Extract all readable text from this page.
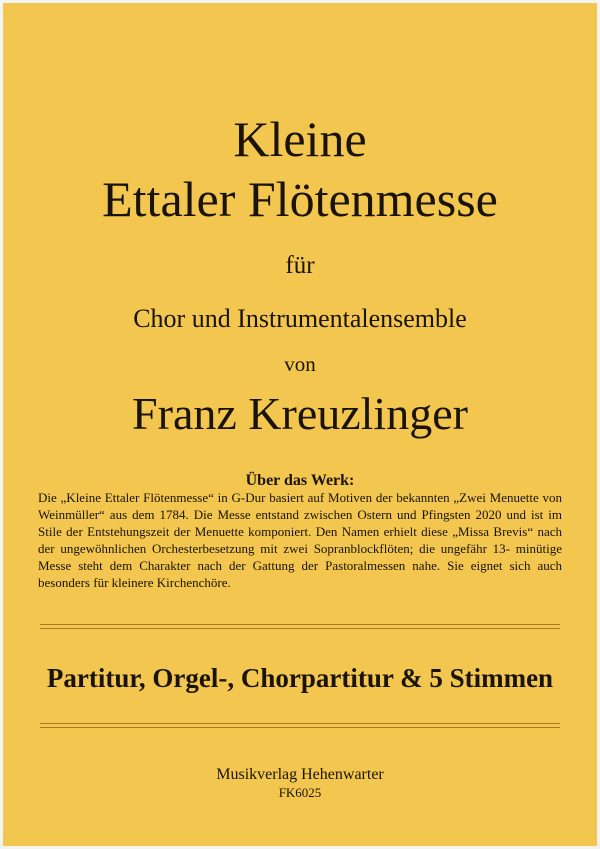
Kleine
Ettaler Flötenmesse
für
Chor und Instrumentalensemble
von
Franz Kreuzlinger
Über das Werk:
Die „Kleine Ettaler Flötenmesse“ in G-Dur basiert auf Motiven der bekannten „Zwei Menuette von Weinmüller“ aus dem 1784. Die Messe entstand zwischen Ostern und Pfingsten 2020 und ist im Stile der Entstehungszeit der Menuette komponiert. Den Namen erhielt diese „Missa Brevis“ nach der ungewöhnlichen Orchesterbesetzung mit zwei Sopranblockflöten; die ungefähr 13- minütige Messe steht dem Charakter nach der Gattung der Pastoralmessen nahe. Sie eignet sich auch besonders für kleinere Kirchenchöre.
Partitur, Orgel-, Chorpartitur & 5 Stimmen
Musikverlag Hehenwarter
FK6025
